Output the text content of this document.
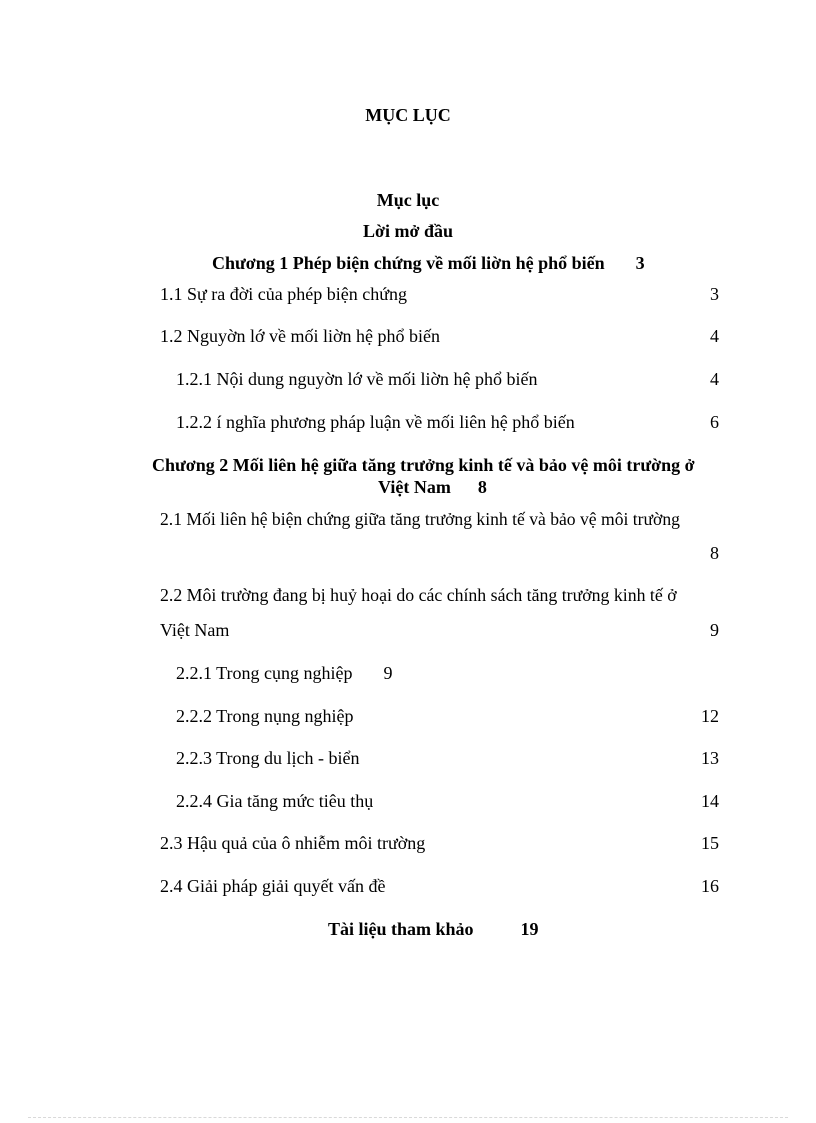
MỤC LỤC
Mục lục
Lời mở đầu
Chương 1 Phép biện chứng về mối liờn hệ phổ biến 3
1.1 Sự ra đời của phép biện chứng	3
1.2 Nguyờn lớ về mối liờn hệ phổ biến	4
1.2.1 Nội dung nguyờn lớ về mối liờn hệ phổ biến	4
1.2.2 í nghĩa phương pháp luận về mối liên hệ phổ biến	6
Chương 2 Mối liên hệ giữa tăng trưởng kinh tế và bảo vệ môi trường ở
Việt Nam 8
2.1 Mối liên hệ biện chứng giữa tăng trưởng kinh tế và bảo vệ môi trường
8
2.2 Môi trường đang bị huỷ hoại do các chính sách tăng trưởng kinh tế ở
Việt Nam	9
2.2.1 Trong cụng nghiệp 9
2.2.2 Trong nụng nghiệp	12
2.2.3 Trong du lịch - biển	13
2.2.4 Gia tăng mức tiêu thụ	14
2.3 Hậu quả của ô nhiễm môi trường	15
2.4 Giải pháp giải quyết vấn đề	16
Tài liệu tham khảo	19
